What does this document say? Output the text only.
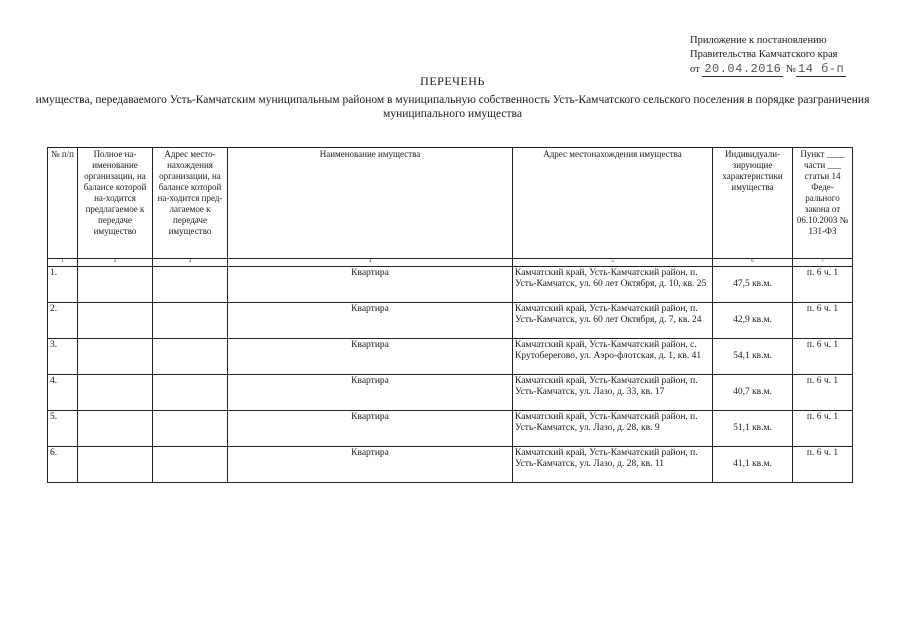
Приложение к постановлению
Правительства Камчатского края
от 20.04.2016 № 14 б-п
ПЕРЕЧЕНЬ
имущества, передаваемого Усть-Камчатским муниципальным районом в муниципальную собственность Усть-Камчатского сельского поселения в порядке разграничения муниципального имущества
№ п/п	Полное на-именование организации, на балансе которой на-ходится предлагаемое к передаче имущество	Адрес место-нахождения организации, на балансе которой на-ходится пред-лагаемое к передаче имущество	Наименование имущества	Адрес местонахождения имущества	Индивидуали-зирующие характеристики имущества	Пункт ____ части ___ статьи 14 Феде-рального закона от 06.10.2003 № 131-ФЗ
1	2	3	4	5	6	7
1.			Квартира	Камчатский край, Усть-Камчатский район, п. Усть-Камчатск, ул. 60 лет Октября, д. 10, кв. 25	47,5 кв.м.	п. 6 ч. 1
2.			Квартира	Камчатский край, Усть-Камчатский район, п. Усть-Камчатск, ул. 60 лет Октября, д. 7, кв. 24	42,9 кв.м.	п. 6 ч. 1
3.			Квартира	Камчатский край, Усть-Камчатский район, с. Крутоберегово, ул. Аэро-флотская, д. 1, кв. 41	54,1 кв.м.	п. 6 ч. 1
4.			Квартира	Камчатский край, Усть-Камчатский район, п. Усть-Камчатск, ул. Лазо, д. 33, кв. 17	40,7 кв.м.	п. 6 ч. 1
5.			Квартира	Камчатский край, Усть-Камчатский район, п. Усть-Камчатск, ул. Лазо, д. 28, кв. 9	51,1 кв.м.	п. 6 ч. 1
6.			Квартира	Камчатский край, Усть-Камчатский район, п. Усть-Камчатск, ул. Лазо, д. 28, кв. 11	41,1 кв.м.	п. 6 ч. 1
